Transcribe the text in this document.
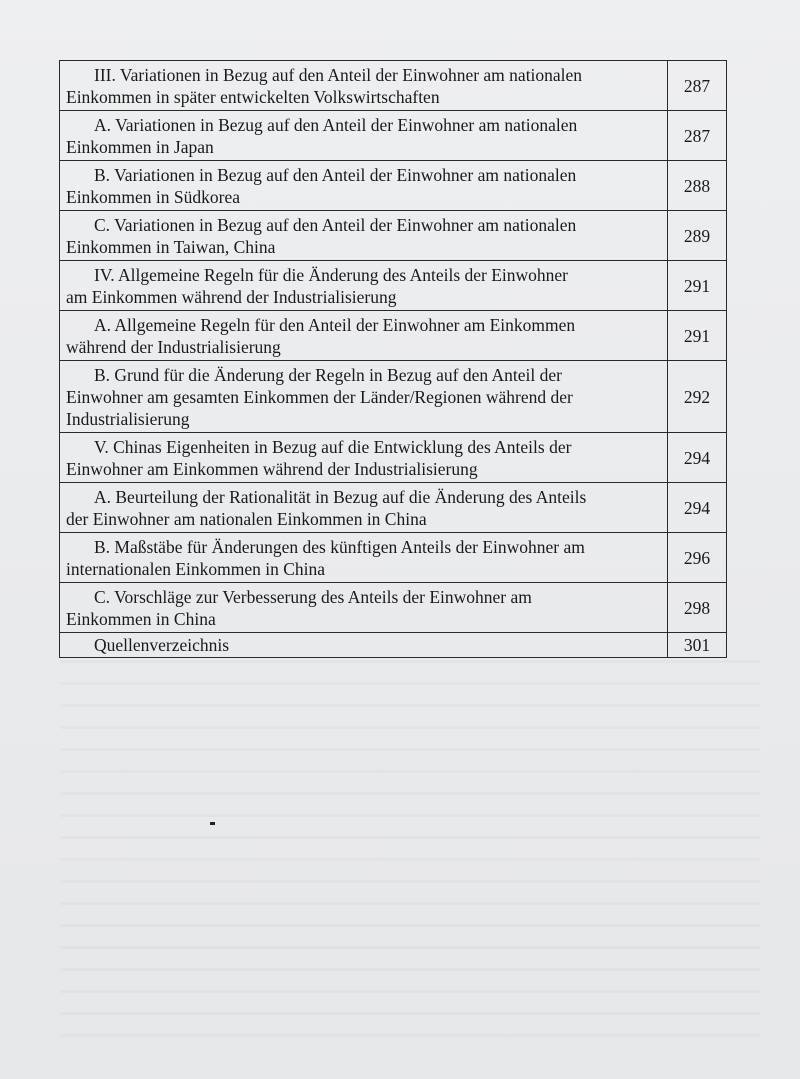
III. Variationen in Bezug auf den Anteil der Einwohner am nationalen
Einkommen in später entwickelten Volkswirtschaften	287

A. Variationen in Bezug auf den Anteil der Einwohner am nationalen
Einkommen in Japan	287

B. Variationen in Bezug auf den Anteil der Einwohner am nationalen
Einkommen in Südkorea	288

C. Variationen in Bezug auf den Anteil der Einwohner am nationalen
Einkommen in Taiwan, China	289

IV. Allgemeine Regeln für die Änderung des Anteils der Einwohner
am Einkommen während der Industrialisierung	291

A. Allgemeine Regeln für den Anteil der Einwohner am Einkommen
während der Industrialisierung	291

B. Grund für die Änderung der Regeln in Bezug auf den Anteil der
Einwohner am gesamten Einkommen der Länder/Regionen während der
Industrialisierung	292

V. Chinas Eigenheiten in Bezug auf die Entwicklung des Anteils der
Einwohner am Einkommen während der Industrialisierung	294

A. Beurteilung der Rationalität in Bezug auf die Änderung des Anteils
der Einwohner am nationalen Einkommen in China	294

B. Maßstäbe für Änderungen des künftigen Anteils der Einwohner am
internationalen Einkommen in China	296

C. Vorschläge zur Verbesserung des Anteils der Einwohner am
Einkommen in China	298

Quellenverzeichnis	301
